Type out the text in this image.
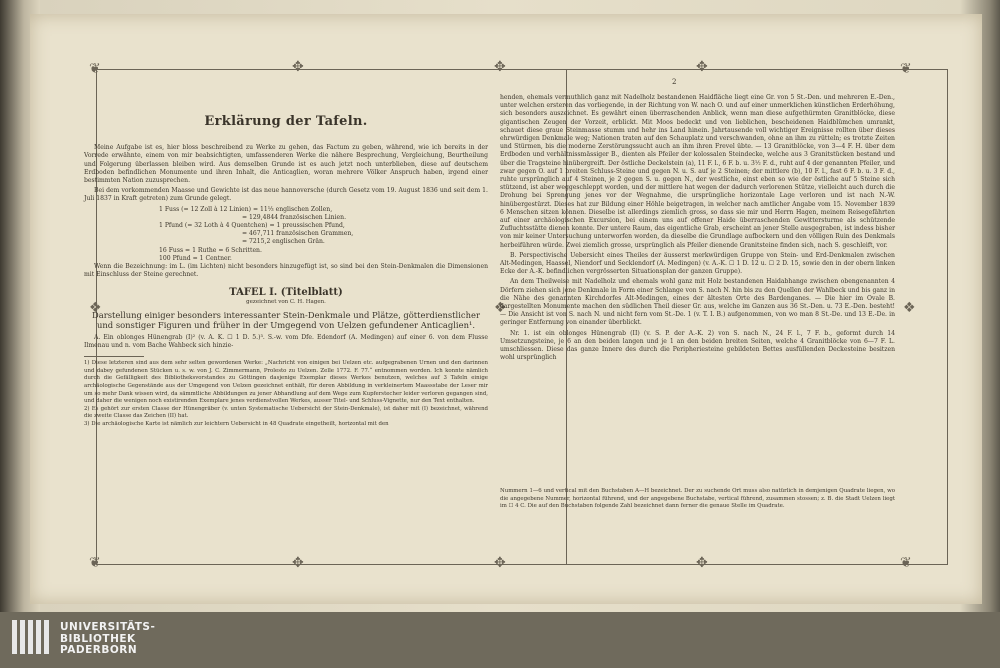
❦	✥	✥	✥	❦
❖	❖
❖
❦	✥	✥	✥	❦
2
Erklärung der Tafeln.

Meine Aufgabe ist es, hier bloss beschreibend zu Werke zu gehen, das Factum zu geben, während, wie ich bereits in der Vorrede erwähnte, einem von mir beabsichtigten, umfassenderen Werke die nähere Besprechung, Vergleichung, Beurtheilung und Folgerung überlassen bleiben wird. Aus demselben Grunde ist es auch jetzt noch unterblieben, diese auf deutschem Erdboden befindlichen Monumente und ihren Inhalt, die Anticaglien, woran mehrere Völker Anspruch haben, irgend einer bestimmten Nation zuzusprechen.

Bei dem vorkommenden Maasse und Gewichte ist das neue hannoversche (durch Gesetz vom 19. August 1836 und seit dem 1. Juli 1837 in Kraft getreten) zum Grunde gelegt.

1 Fuss (= 12 Zoll à 12 Linien) = 11⅓ englischen Zollen,
= 129,4844 französischen Linien.
1 Pfund (= 32 Loth à 4 Quentchen) = 1 preussischen Pfund,
= 467,711 französischen Grammen,
= 7215,2 englischen Grän.
16 Fuss = 1 Ruthe = 6 Schritten.
100 Pfund = 1 Centner.

Wenn die Bezeichnung: im L. (im Lichten) nicht besonders hinzugefügt ist, so sind bei den Stein-Denkmalen die Dimensionen mit Einschluss der Steine gerechnet.

TAFEL I. (Titelblatt)
gezeichnet von C. H. Hagen.
Darstellung einiger besonders interessanter Stein-Denkmale und Plätze, götterdienstlicher und sonstiger Figuren und früher in der Umgegend von Uelzen gefundener Anticaglien¹.

A. Ein oblonges Hünengrab (I)² (v. A. K. ☐ 1 D. 5.)³. S.-w. vom Dfe. Edendorf (A. Medingen) auf einer 6. von dem Flusse Ilmenau und n. vom Bache Wahbeck sich hinzie-

1) Diese letzteren sind aus dem sehr selten gewordenen Werke: „Nachricht von einigen bei Uelzen etc. aufgegrabenen Urnen und den darinnen und dabey gefundenen Stücken u. s. w. von J. C. Zimmermann, Prolesto zu Uelzen. Zelle 1772. F. 77.“ entnommen worden. Ich konnte nämlich durch die Gefälligkeit des Bibliotheksvorstandes zu Göttingen dasjenige Exemplar dieses Werkes benutzen, welches auf 3 Tafeln einige archäologische Gegenstände aus der Umgegend von Uelzen gezeichnet enthält, für deren Abbildung in verkleinertem Maassstabe der Leser mir um so mehr Dank wissen wird, da sämmtliche Abbildungen zu jener Abhandlung auf dem Wege zum Kupferstecher leider verloren gegangen sind, und daher die wenigen noch existirenden Exemplare jenes verdienstvollen Werkes, ausser Titel- und Schluss-Vignette, nur den Text enthalten.
2) Es gehört zur ersten Classe der Hünengräber (v. unten Systematische Uebersicht der Stein-Denkmale), ist daher mit (I) bezeichnet, während die zweite Classe das Zeichen (II) hat.
3) Die archäologische Karte ist nämlich zur leichtern Uebersicht in 48 Quadrate eingetheilt, horizontal mit den

henden, ehemals vermuthlich ganz mit Nadelholz bestandenen Haidfläche liegt eine Gr. von 5 St.-Den. und mehreren E.-Den., unter welchen ersteren das vorliegende, in der Richtung von W. nach O. und auf einer unmerklichen künstlichen Erderhöhung, sich besonders auszeichnet. Es gewährt einen überraschenden Anblick, wenn man diese aufgethürmten Granitblöcke, diese gigantischen Zeugen der Vorzeit, erblickt. Mit Moos bedeckt und von lieblichen, bescheidenen Haidblümchen umrankt, schauet diese graue Steinmasse stumm und hehr ins Land hinein. Jahrtausende voll wichtiger Ereignisse rollten über dieses ehrwürdigen Denkmale weg; Nationen traten auf den Schauplatz und verschwanden, ohne an ihm zu rütteln; es trotzte Zeiten und Stürmen, bis die moderne Zerstörungssucht auch an ihm ihren Frevel übte. — 13 Granitblöcke, von 3—4 F. H. über dem Erdboden und verhältnissmässiger B., dienten als Pfeiler der kolossalen Steindecke, welche aus 3 Granitstücken bestand und über die Tragsteine hinübergreift. Der östliche Deckelstein (a), 11 F. l., 6 F. b. u. 3½ F. d., ruht auf 4 der genannten Pfeiler, und zwar gegen O. auf 1 breiten Schluss-Steine und gegen N. u. S. auf je 2 Steinen; der mittlere (b), 10 F. l., fast 6 F. b. u. 3 F. d., ruhte ursprünglich auf 4 Steinen, je 2 gegen S. u. gegen N., der westliche, einst eben so wie der östliche auf 5 Steine sich stützend, ist aber weggeschleppt worden, und der mittlere hat wegen der dadurch verlorenen Stütze, vielleicht auch durch die Drohung bei Sprengung jenes vor der Wegnahme, die ursprüngliche horizontale Lage verloren und ist nach N.-W. hinübergestürzt. Dieses hat zur Bildung einer Höhle beigetragen, in welcher nach amtlicher Angabe vom 15. November 1839 6 Menschen sitzen können. Dieselbe ist allerdings ziemlich gross, so dass sie mir und Herrn Hagen, meinem Reisegefährten auf einer archäologischen Excursion, bei einem uns auf offener Haide überraschenden Gewittersturme als schützende Zufluchtsstätte dienen konnte. Der untere Raum, das eigentliche Grab, erscheint an jener Stelle ausgegraben, ist indess bisher von mir keiner Untersuchung unterworfen worden, da dieselbe die Grundlage aufbockern und den völligen Ruin des Denkmals herbeiführen würde. Zwei ziemlich grosse, ursprünglich als Pfeiler dienende Granitsteine finden sich, nach S. geschleift, vor.

B. Perspectivische Uebersicht eines Theiles der äusserst merkwürdigen Gruppe von Stein- und Erd-Denkmalen zwischen Alt-Medingen, Haassel, Niendorf und Secklendorf (A. Medingen) (v. A.-K. ☐ 1 D. 12 u. ☐ 2 D. 15, sowie den in der obern linken Ecke der A.-K. befindlichen vergrösserten Situationsplan der ganzen Gruppe).

An dem Theilweise mit Nadelholz und ehemals wohl ganz mit Holz bestandenen Haidabhange zwischen obengenannten 4 Dörfern ziehen sich jene Denkmale in Form einer Schlange von S. nach N. hin bis zu den Quellen der Wahlbeck und bis ganz in die Nähe des genannten Kirchdorfes Alt-Medingen, eines der ältesten Orte des Bardenganes. — Die hier im Ovale B. dargestellten Monumente machen den südlichen Theil dieser Gr. aus, welche im Ganzen aus 36 St.-Den. u. 73 E.-Den. besteht! — Die Ansicht ist von S. nach N. und nicht fern vom St.-De. 1 (v. T. I. B.) aufgenommen, von wo man 8 St.-De. und 13 E.-De. in geringer Entfernung von einander überblickt.

Nr. 1. ist ein oblonges Hünengrab (II) (v. S. P. der A.-K. 2) von S. nach N., 24 F. l., 7 F. b., geformt durch 14 Umsetzungsteine, je 6 an den beiden langen und je 1 an den beiden breiten Seiten, welche 4 Granitblöcke von 6—7 F. L. umschliessen. Diese das ganze Innere des durch die Peripheriesteine gebildeten Bettes ausfüllenden Deckesteine besitzen wohl ursprünglich

Nummern 1—6 und vertical mit den Buchstaben A—H bezeichnet. Der zu suchende Ort muss also natürlich in demjenigen Quadrate liegen, wo die angegebene Nummer, horizontal führend, und der angegebene Buchstabe, vertical führend, zusammen stossen; z. B. die Stadt Uelzen liegt im ☐ 4 C. Die auf den Buchstaben folgende Zahl bezeichnet dann ferner die genaue Stelle im Quadrate.
UNIVERSITÄTS-
BIBLIOTHEK
PADERBORN
